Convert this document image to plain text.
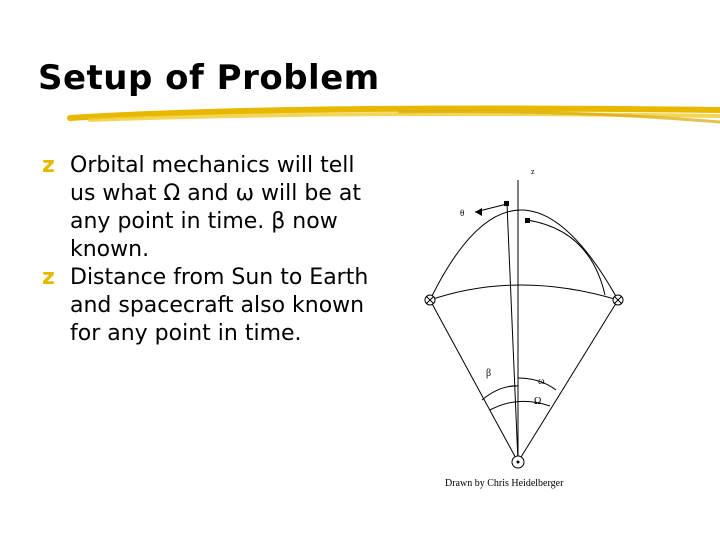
Setup of Problem
z Orbital mechanics will tell us what Ω and ω will be at any point in time. β now known.
z Distance from Sun to Earth and spacecraft also known for any point in time.
z
θ
β
ω
Ω
Drawn by Chris Heidelberger
